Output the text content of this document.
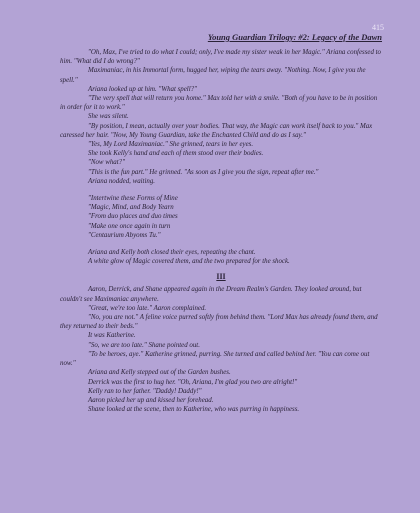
415
Young Guardian Trilogy: #2: Legacy of the Dawn

"Oh, Max, I've tried to do what I could; only, I've made my sister weak in her Magic." Ariana confessed to him. "What did I do wrong?"

Maximaniac, in his Immortal form, hugged her, wiping the tears away. "Nothing. Now, I give you the spell."

Ariana looked up at him. "What spell?"

"The very spell that will return you home." Max told her with a smile. "Both of you have to be in position in order for it to work."

She was silent.

"By position, I mean, actually over your bodies. That way, the Magic can work itself back to you." Max caressed her hair. "Now, My Young Guardian, take the Enchanted Child and do as I say."

"Yes, My Lord Maximaniac." She grinned, tears in her eyes.

She took Kelly's hand and each of them stood over their bodies.

"Now what?"

"This is the fun part." He grinned. "As soon as I give you the sign, repeat after me."

Ariana nodded, waiting.

"Intertwine these Forms of Mine

"Magic, Mind, and Body Yearn

"From duo places and duo times

"Make one once again in turn

"Centaurium Abyoms Tu."

Ariana and Kelly both closed their eyes, repeating the chant.

A white glow of Magic covered them, and the two prepared for the shock.

III

Aaron, Derrick, and Shane appeared again in the Dream Realm's Garden. They looked around, but couldn't see Maximaniac anywhere.

"Great, we're too late." Aaron complained.

"No, you are not." A feline voice purred softly from behind them. "Lord Max has already found them, and they returned to their beds."

It was Katherine.

"So, we are too late." Shane pointed out.

"To be heroes, aye." Katherine grinned, purring. She turned and called behind her. "You can come out now."

Ariana and Kelly stepped out of the Garden bushes.

Derrick was the first to hug her. "Oh, Ariana, I'm glad you two are alright!"

Kelly ran to her father. "Daddy! Daddy!"

Aaron picked her up and kissed her forehead.

Shane looked at the scene, then to Katherine, who was purring in happiness.
